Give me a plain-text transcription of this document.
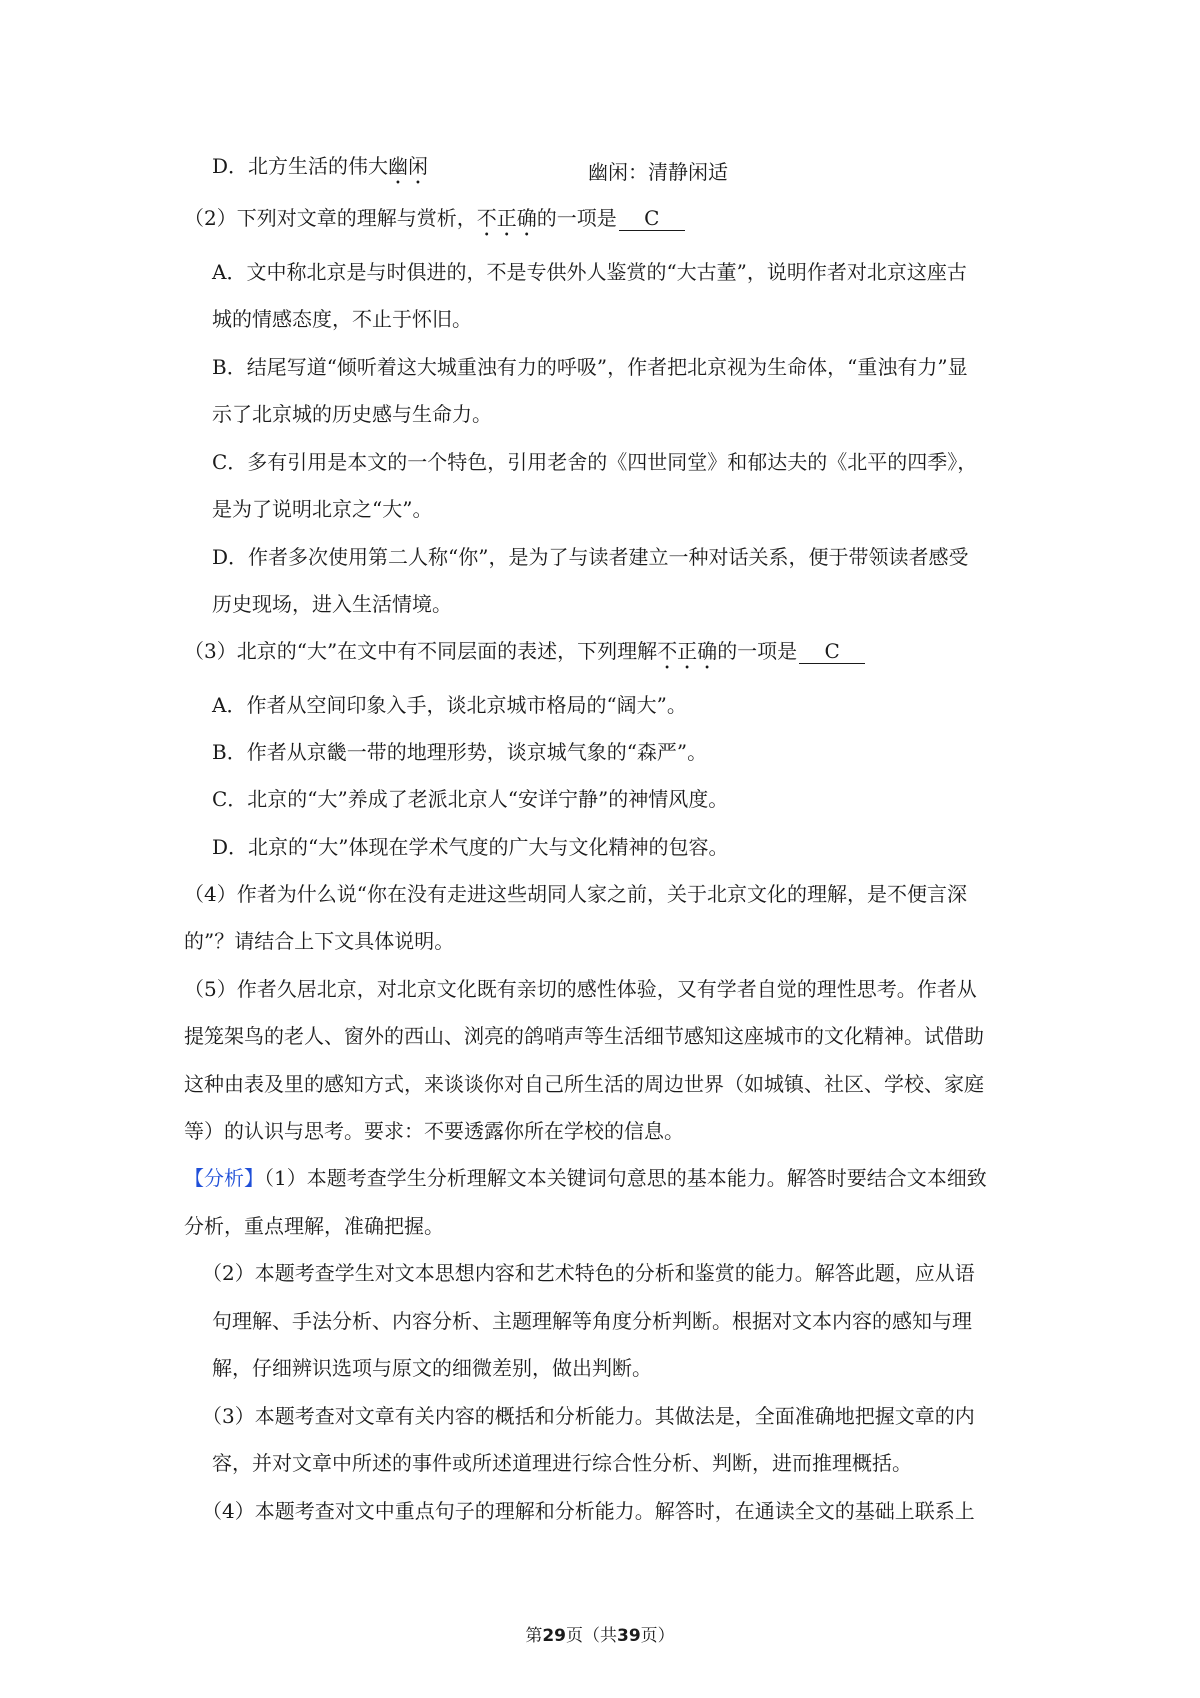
D．北方生活的伟大幽闲	幽闲：清静闲适
（2）下列对文章的理解与赏析，不正确的一项是 C
A．文中称北京是与时俱进的，不是专供外人鉴赏的“大古董”，说明作者对北京这座古
城的情感态度，不止于怀旧。
B．结尾写道“倾听着这大城重浊有力的呼吸”，作者把北京视为生命体，“重浊有力”显
示了北京城的历史感与生命力。
C．多有引用是本文的一个特色，引用老舍的《四世同堂》和郁达夫的《北平的四季》，
是为了说明北京之“大”。
D．作者多次使用第二人称“你”，是为了与读者建立一种对话关系，便于带领读者感受
历史现场，进入生活情境。
（3）北京的“大”在文中有不同层面的表述，下列理解不正确的一项是 C
A．作者从空间印象入手，谈北京城市格局的“阔大”。
B．作者从京畿一带的地理形势，谈京城气象的“森严”。
C．北京的“大”养成了老派北京人“安详宁静”的神情风度。
D．北京的“大”体现在学术气度的广大与文化精神的包容。
（4）作者为什么说“你在没有走进这些胡同人家之前，关于北京文化的理解，是不便言深
的”？请结合上下文具体说明。
（5）作者久居北京，对北京文化既有亲切的感性体验，又有学者自觉的理性思考。作者从
提笼架鸟的老人、窗外的西山、浏亮的鸽哨声等生活细节感知这座城市的文化精神。试借助
这种由表及里的感知方式，来谈谈你对自己所生活的周边世界（如城镇、社区、学校、家庭
等）的认识与思考。要求：不要透露你所在学校的信息。
【分析】（1）本题考查学生分析理解文本关键词句意思的基本能力。解答时要结合文本细致
分析，重点理解，准确把握。
（2）本题考查学生对文本思想内容和艺术特色的分析和鉴赏的能力。解答此题，应从语
句理解、手法分析、内容分析、主题理解等角度分析判断。根据对文本内容的感知与理
解，仔细辨识选项与原文的细微差别，做出判断。
（3）本题考查对文章有关内容的概括和分析能力。其做法是，全面准确地把握文章的内
容，并对文章中所述的事件或所述道理进行综合性分析、判断，进而推理概括。
（4）本题考查对文中重点句子的理解和分析能力。解答时，在通读全文的基础上联系上
第29页（共39页）
